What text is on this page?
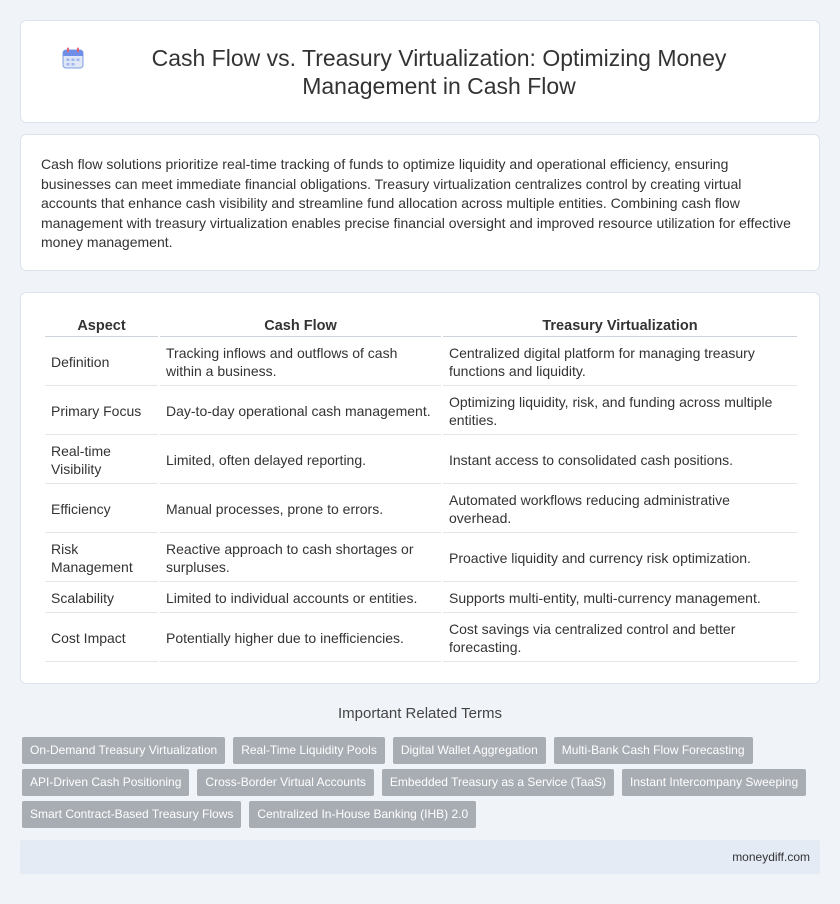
Cash Flow vs. Treasury Virtualization: Optimizing Money Management in Cash Flow

Cash flow solutions prioritize real-time tracking of funds to optimize liquidity and operational efficiency, ensuring businesses can meet immediate financial obligations. Treasury virtualization centralizes control by creating virtual accounts that enhance cash visibility and streamline fund allocation across multiple entities. Combining cash flow management with treasury virtualization enables precise financial oversight and improved resource utilization for effective money management.

Aspect	Cash Flow	Treasury Virtualization
Definition	Tracking inflows and outflows of cash within a business.	Centralized digital platform for managing treasury functions and liquidity.
Primary Focus	Day-to-day operational cash management.	Optimizing liquidity, risk, and funding across multiple entities.
Real-time Visibility	Limited, often delayed reporting.	Instant access to consolidated cash positions.
Efficiency	Manual processes, prone to errors.	Automated workflows reducing administrative overhead.
Risk Management	Reactive approach to cash shortages or surpluses.	Proactive liquidity and currency risk optimization.
Scalability	Limited to individual accounts or entities.	Supports multi-entity, multi-currency management.
Cost Impact	Potentially higher due to inefficiencies.	Cost savings via centralized control and better forecasting.
Important Related Terms
On-Demand Treasury Virtualization	Real-Time Liquidity Pools	Digital Wallet Aggregation	Multi-Bank Cash Flow Forecasting
API-Driven Cash Positioning	Cross-Border Virtual Accounts	Embedded Treasury as a Service (TaaS)	Instant Intercompany Sweeping
Smart Contract-Based Treasury Flows	Centralized In-House Banking (IHB) 2.0
moneydiff.com
